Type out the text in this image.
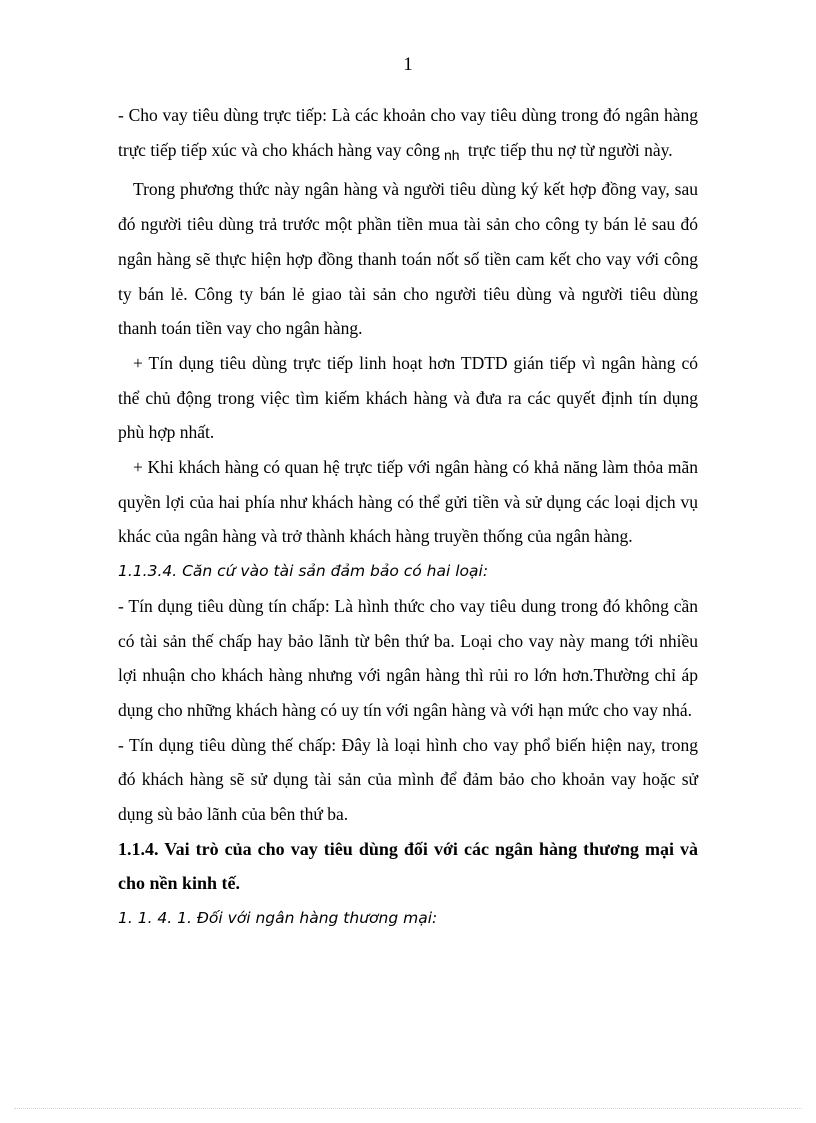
1

- Cho vay tiêu dùng trực tiếp: Là các khoản cho vay tiêu dùng trong đó ngân hàng trực tiếp tiếp xúc và cho khách hàng vay công $_{nh}$ trực tiếp thu nợ từ người này.

Trong phương thức này ngân hàng và người tiêu dùng ký kết hợp đồng vay, sau đó người tiêu dùng trả trước một phần tiền mua tài sản cho công ty bán lẻ sau đó ngân hàng sẽ thực hiện hợp đồng thanh toán nốt số tiền cam kết cho vay với công ty bán lẻ. Công ty bán lẻ giao tài sản cho người tiêu dùng và người tiêu dùng thanh toán tiền vay cho ngân hàng.

+ Tín dụng tiêu dùng trực tiếp linh hoạt hơn TDTD gián tiếp vì ngân hàng có thể chủ động trong việc tìm kiếm khách hàng và đưa ra các quyết định tín dụng phù hợp nhất.

+ Khi khách hàng có quan hệ trực tiếp với ngân hàng có khả năng làm thỏa mãn quyền lợi của hai phía như khách hàng có thể gửi tiền và sử dụng các loại dịch vụ khác của ngân hàng và trở thành khách hàng truyền thống của ngân hàng.

1.1.3.4. Căn cứ vào tài sản đảm bảo có hai loại:

- Tín dụng tiêu dùng tín chấp: Là hình thức cho vay tiêu dung trong đó không cần có tài sản thế chấp hay bảo lãnh từ bên thứ ba. Loại cho vay này mang tới nhiều lợi nhuận cho khách hàng nhưng với ngân hàng thì rủi ro lớn hơn.Thường chỉ áp dụng cho những khách hàng có uy tín với ngân hàng và với hạn mức cho vay nhá.

- Tín dụng tiêu dùng thế chấp: Đây là loại hình cho vay phổ biến hiện nay, trong đó khách hàng sẽ sử dụng tài sản của mình để đảm bảo cho khoản vay hoặc sử dụng sù bảo lãnh của bên thứ ba.

1.1.4. Vai trò của cho vay tiêu dùng đối với các ngân hàng thương mại và cho nền kinh tế.

1. 1. 4. 1. Đối với ngân hàng thương mại:
